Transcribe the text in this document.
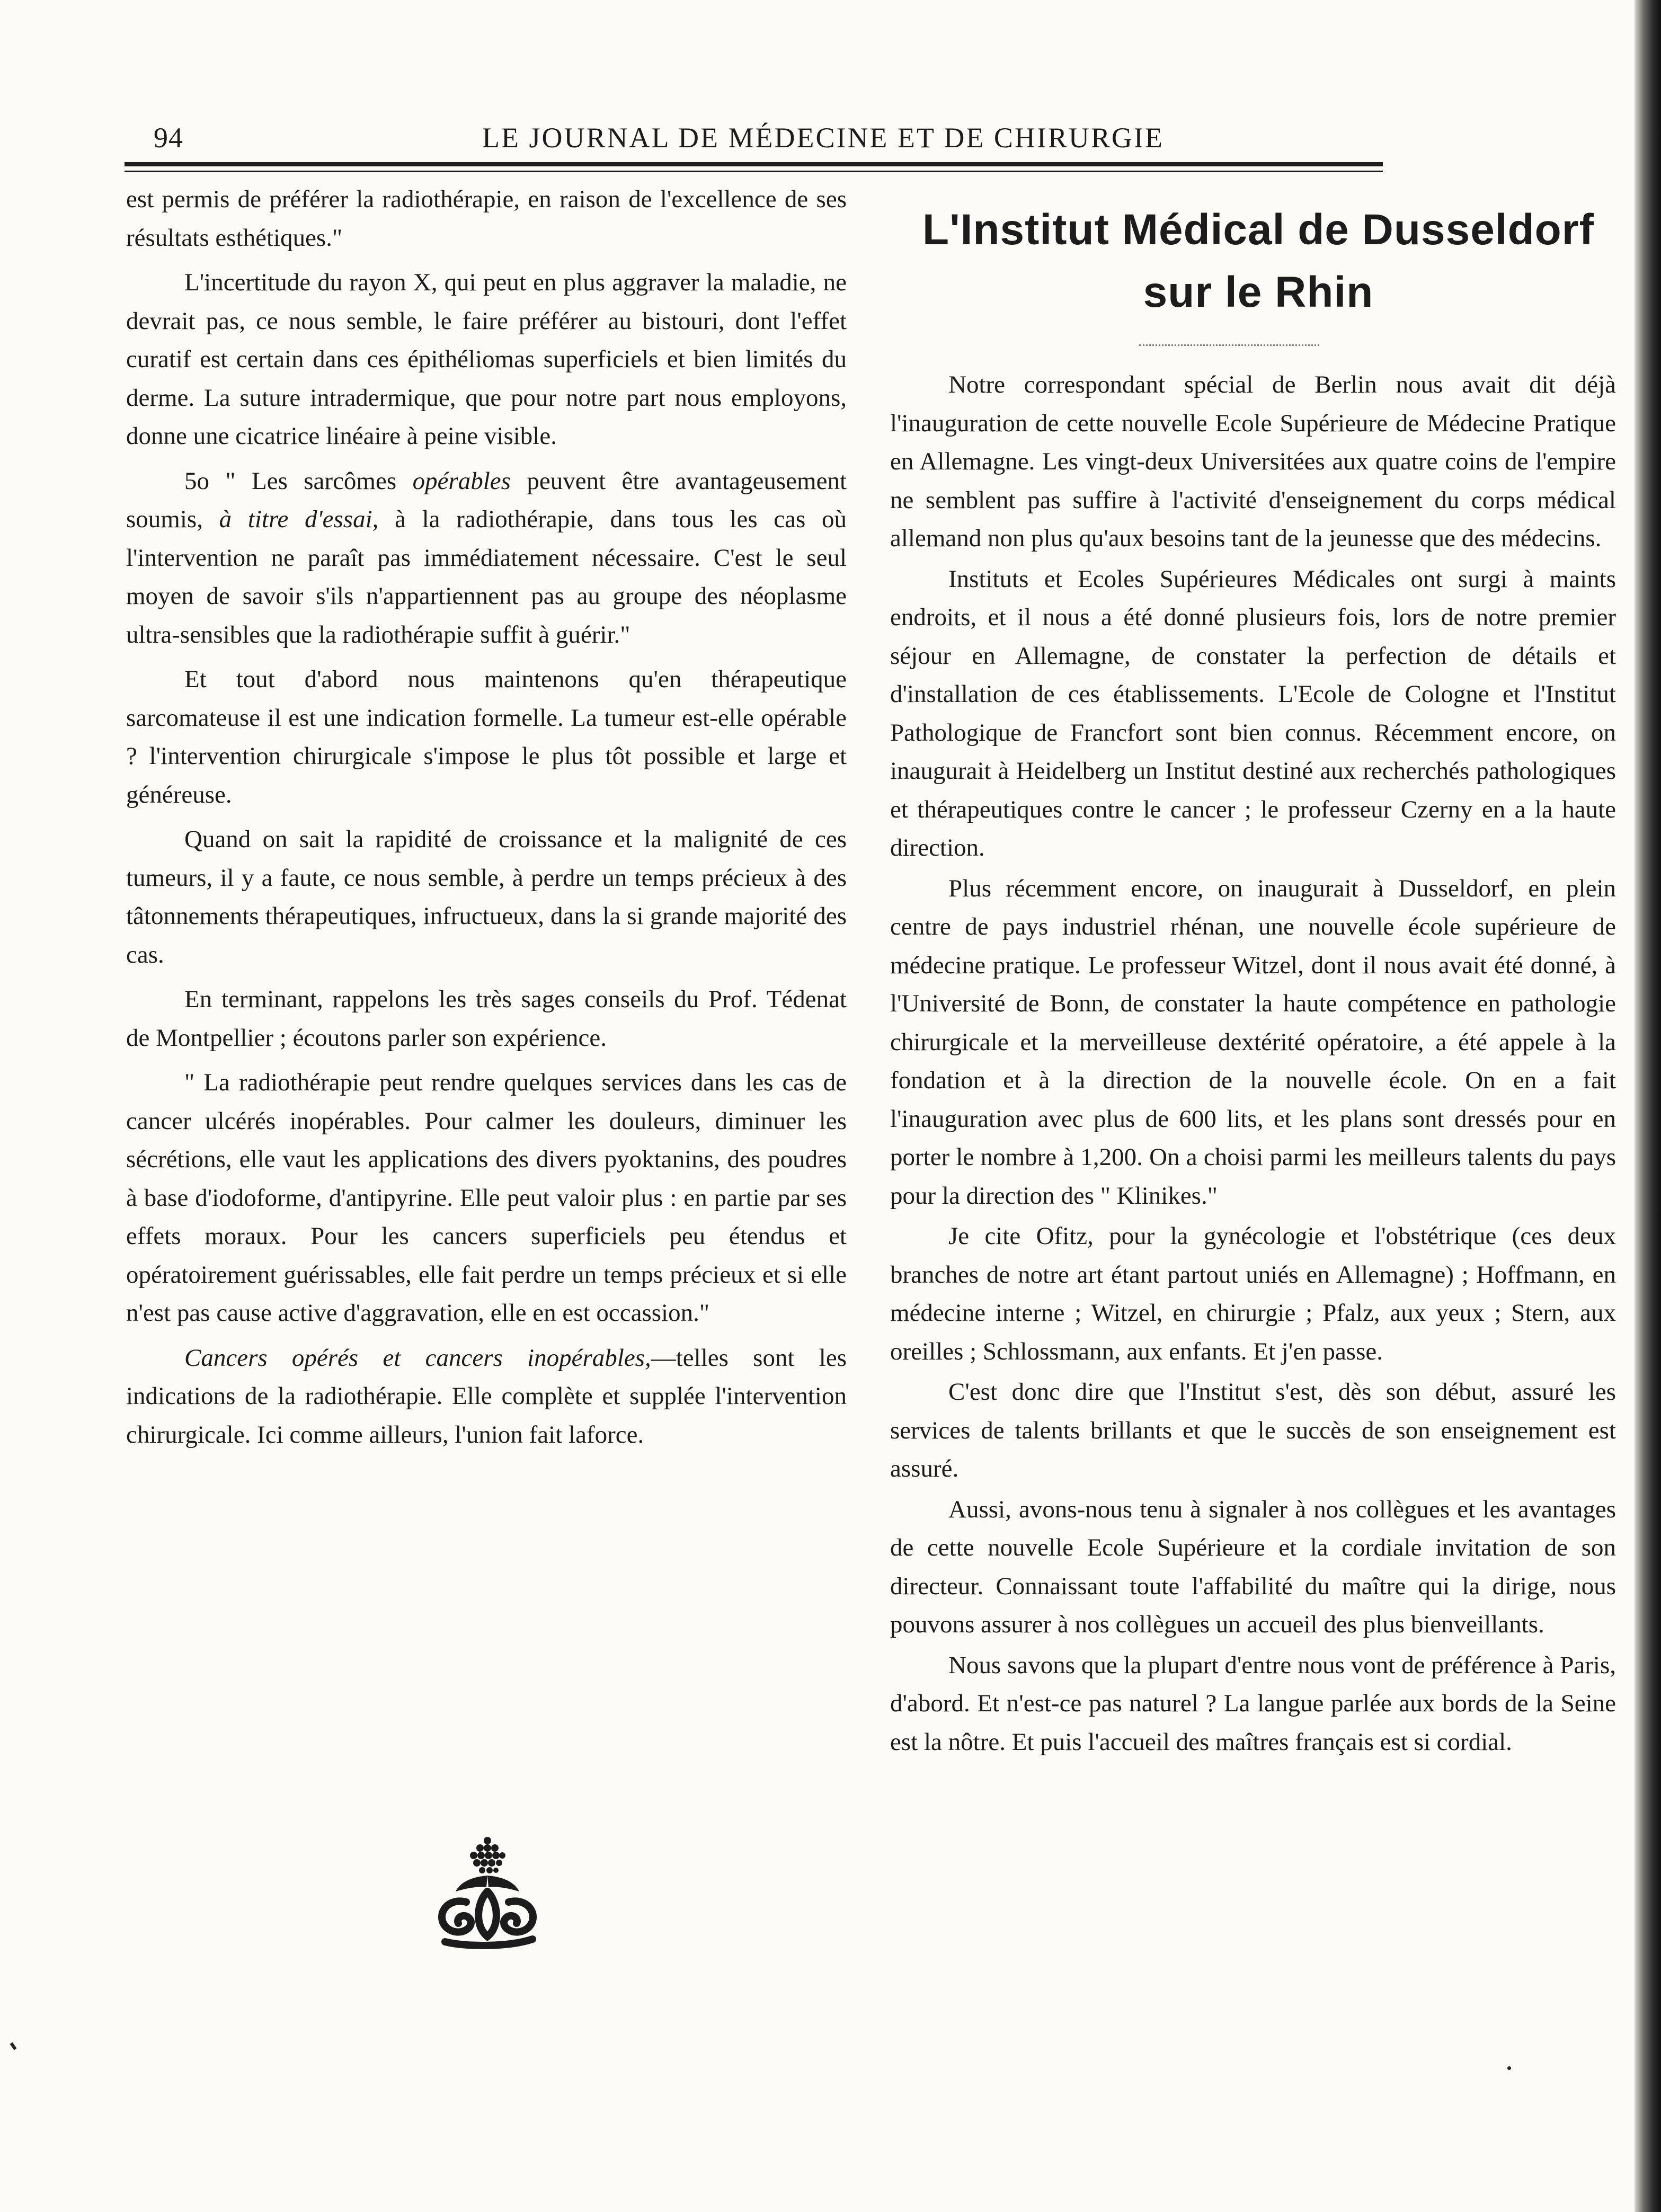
94	LE JOURNAL DE MÉDECINE ET DE CHIRURGIE

est permis de préférer la radiothérapie, en raison de l'excellence de ses résultats esthétiques."

L'incertitude du rayon X, qui peut en plus aggraver la maladie, ne devrait pas, ce nous semble, le faire préférer au bistouri, dont l'effet curatif est certain dans ces épithéliomas superficiels et bien limités du derme. La suture intradermique, que pour notre part nous employons, donne une cicatrice linéaire à peine visible.

5o " Les sarcômes opérables peuvent être avantageusement soumis, à titre d'essai, à la radiothérapie, dans tous les cas où l'intervention ne paraît pas immédiatement nécessaire. C'est le seul moyen de savoir s'ils n'appartiennent pas au groupe des néoplasme ultra-sensibles que la radiothérapie suffit à guérir."

Et tout d'abord nous maintenons qu'en thérapeutique sarcomateuse il est une indication formelle. La tumeur est-elle opérable ? l'intervention chirurgicale s'impose le plus tôt possible et large et généreuse.

Quand on sait la rapidité de croissance et la malignité de ces tumeurs, il y a faute, ce nous semble, à perdre un temps précieux à des tâtonnements thérapeutiques, infructueux, dans la si grande majorité des cas.

En terminant, rappelons les très sages conseils du Prof. Tédenat de Montpellier ; écoutons parler son expérience.

" La radiothérapie peut rendre quelques services dans les cas de cancer ulcérés inopérables. Pour calmer les douleurs, diminuer les sécrétions, elle vaut les applications des divers pyoktanins, des poudres à base d'iodoforme, d'antipyrine. Elle peut valoir plus : en partie par ses effets moraux. Pour les cancers superficiels peu étendus et opératoirement guérissables, elle fait perdre un temps précieux et si elle n'est pas cause active d'aggravation, elle en est occassion."

Cancers opérés et cancers inopérables,—telles sont les indications de la radiothérapie. Elle complète et supplée l'intervention chirurgicale. Ici comme ailleurs, l'union fait laforce.

L'Institut Médical de Dusseldorf sur le Rhin

Notre correspondant spécial de Berlin nous avait dit déjà l'inauguration de cette nouvelle Ecole Supérieure de Médecine Pratique en Allemagne. Les vingt-deux Universitées aux quatre coins de l'empire ne semblent pas suffire à l'activité d'enseignement du corps médical allemand non plus qu'aux besoins tant de la jeunesse que des médecins.

Instituts et Ecoles Supérieures Médicales ont surgi à maints endroits, et il nous a été donné plusieurs fois, lors de notre premier séjour en Allemagne, de constater la perfection de détails et d'installation de ces établissements. L'Ecole de Cologne et l'Institut Pathologique de Francfort sont bien connus. Récemment encore, on inaugurait à Heidelberg un Institut destiné aux recherchés pathologiques et thérapeutiques contre le cancer ; le professeur Czerny en a la haute direction.

Plus récemment encore, on inaugurait à Dusseldorf, en plein centre de pays industriel rhénan, une nouvelle école supérieure de médecine pratique. Le professeur Witzel, dont il nous avait été donné, à l'Université de Bonn, de constater la haute compétence en pathologie chirurgicale et la merveilleuse dextérité opératoire, a été appele à la fondation et à la direction de la nouvelle école. On en a fait l'inauguration avec plus de 600 lits, et les plans sont dressés pour en porter le nombre à 1,200. On a choisi parmi les meilleurs talents du pays pour la direction des " Klinikes."

Je cite Ofitz, pour la gynécologie et l'obstétrique (ces deux branches de notre art étant partout uniés en Allemagne) ; Hoffmann, en médecine interne ; Witzel, en chirurgie ; Pfalz, aux yeux ; Stern, aux oreilles ; Schlossmann, aux enfants. Et j'en passe.

C'est donc dire que l'Institut s'est, dès son début, assuré les services de talents brillants et que le succès de son enseignement est assuré.

Aussi, avons-nous tenu à signaler à nos collègues et les avantages de cette nouvelle Ecole Supérieure et la cordiale invitation de son directeur. Connaissant toute l'affabilité du maître qui la dirige, nous pouvons assurer à nos collègues un accueil des plus bienveillants.

Nous savons que la plupart d'entre nous vont de préférence à Paris, d'abord. Et n'est-ce pas naturel ? La langue parlée aux bords de la Seine est la nôtre. Et puis l'accueil des maîtres français est si cordial.
